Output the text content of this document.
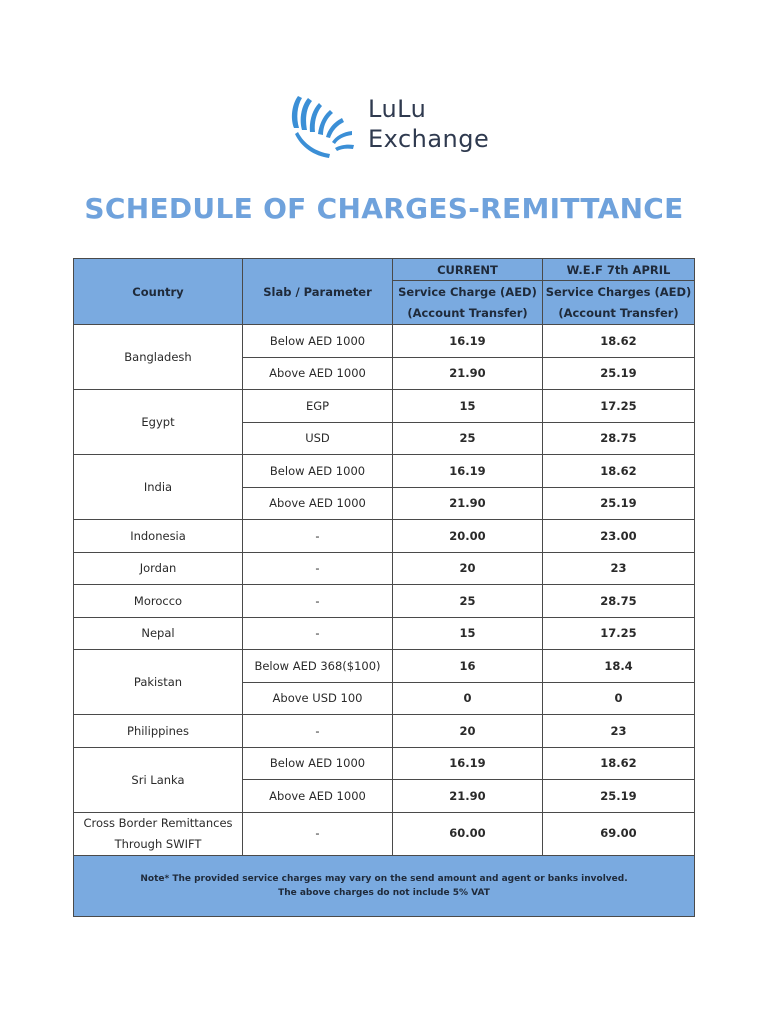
LuLu
Exchange
SCHEDULE OF CHARGES-REMITTANCE
Country	Slab / Parameter	CURRENT	W.E.F 7th APRIL
		Service Charge (AED)	Service Charges (AED)
		(Account Transfer)	(Account Transfer)
Bangladesh	Below AED 1000	16.19	18.62
	Above AED 1000	21.90	25.19
Egypt	EGP	15	17.25
	USD	25	28.75
India	Below AED 1000	16.19	18.62
	Above AED 1000	21.90	25.19
Indonesia	-	20.00	23.00
Jordan	-	20	23
Morocco	-	25	28.75
Nepal	-	15	17.25
Pakistan	Below AED 368($100)	16	18.4
	Above USD 100	0	0
Philippines	-	20	23
Sri Lanka	Below AED 1000	16.19	18.62
	Above AED 1000	21.90	25.19

Cross Border Remittances
Through SWIFT	-	60.00	69.00

Note* The provided service charges may vary on the send amount and agent or banks involved.
The above charges do not include 5% VAT			
